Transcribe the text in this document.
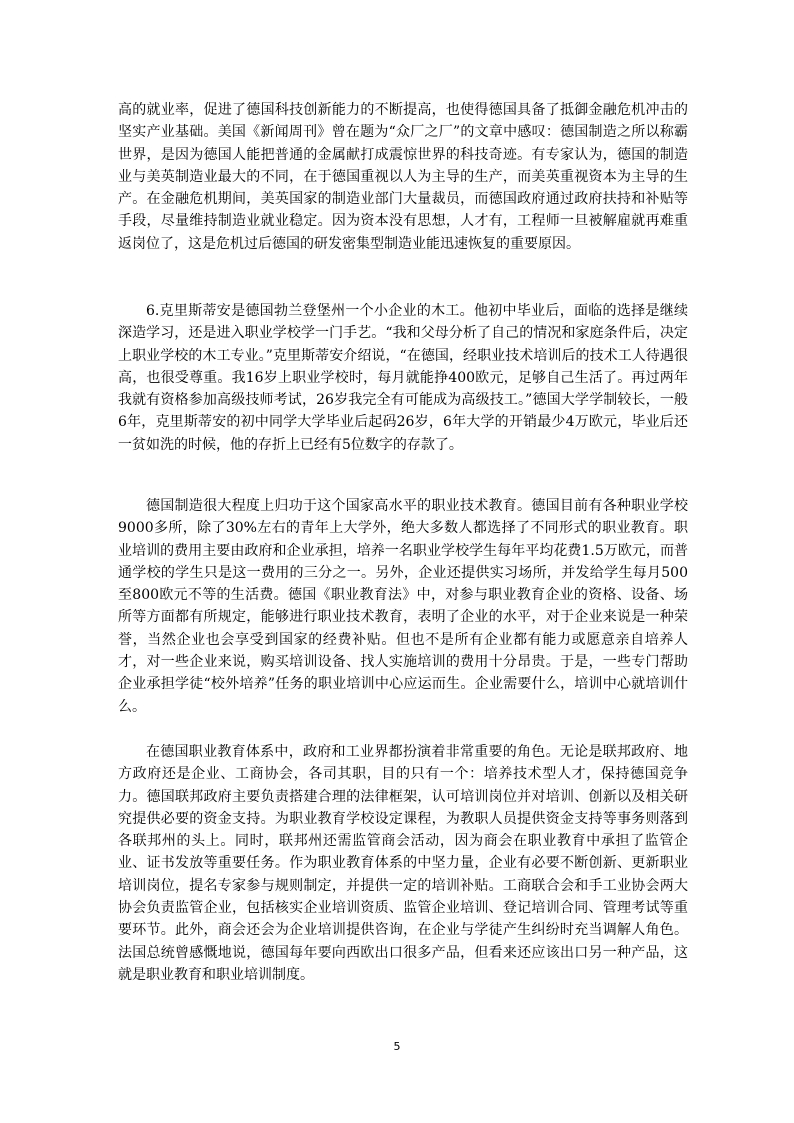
高的就业率，促进了德国科技创新能力的不断提高，也使得德国具备了抵御金融危机冲击的坚实产业基础。美国《新闻周刊》曾在题为“众厂之厂”的文章中感叹：德国制造之所以称霸世界，是因为德国人能把普通的金属献打成震惊世界的科技奇迹。有专家认为，德国的制造业与美英制造业最大的不同，在于德国重视以人为主导的生产，而美英重视资本为主导的生产。在金融危机期间，美英国家的制造业部门大量裁员，而德国政府通过政府扶持和补贴等手段，尽量维持制造业就业稳定。因为资本没有思想，人才有，工程师一旦被解雇就再难重返岗位了，这是危机过后德国的研发密集型制造业能迅速恢复的重要原因。

6.克里斯蒂安是德国勃兰登堡州一个小企业的木工。他初中毕业后，面临的选择是继续深造学习，还是进入职业学校学一门手艺。“我和父母分析了自己的情况和家庭条件后，决定上职业学校的木工专业。”克里斯蒂安介绍说，“在德国，经职业技术培训后的技术工人待遇很高，也很受尊重。我16岁上职业学校时，每月就能挣400欧元，足够自己生活了。再过两年我就有资格参加高级技师考试，26岁我完全有可能成为高级技工。”德国大学学制较长，一般6年，克里斯蒂安的初中同学大学毕业后起码26岁，6年大学的开销最少4万欧元，毕业后还一贫如洗的时候，他的存折上已经有5位数字的存款了。

德国制造很大程度上归功于这个国家高水平的职业技术教育。德国目前有各种职业学校9000多所，除了30%左右的青年上大学外，绝大多数人都选择了不同形式的职业教育。职业培训的费用主要由政府和企业承担，培养一名职业学校学生每年平均花费1.5万欧元，而普通学校的学生只是这一费用的三分之一。另外，企业还提供实习场所，并发给学生每月500至800欧元不等的生活费。德国《职业教育法》中，对参与职业教育企业的资格、设备、场所等方面都有所规定，能够进行职业技术教育，表明了企业的水平，对于企业来说是一种荣誉，当然企业也会享受到国家的经费补贴。但也不是所有企业都有能力或愿意亲自培养人才，对一些企业来说，购买培训设备、找人实施培训的费用十分昂贵。于是，一些专门帮助企业承担学徒“校外培养”任务的职业培训中心应运而生。企业需要什么，培训中心就培训什么。

在德国职业教育体系中，政府和工业界都扮演着非常重要的角色。无论是联邦政府、地方政府还是企业、工商协会，各司其职，目的只有一个：培养技术型人才，保持德国竞争力。德国联邦政府主要负责搭建合理的法律框架，认可培训岗位并对培训、创新以及相关研究提供必要的资金支持。为职业教育学校设定课程，为教职人员提供资金支持等事务则落到各联邦州的头上。同时，联邦州还需监管商会活动，因为商会在职业教育中承担了监管企业、证书发放等重要任务。作为职业教育体系的中坚力量，企业有必要不断创新、更新职业培训岗位，提名专家参与规则制定，并提供一定的培训补贴。工商联合会和手工业协会两大协会负责监管企业，包括核实企业培训资质、监管企业培训、登记培训合同、管理考试等重要环节。此外，商会还会为企业培训提供咨询，在企业与学徒产生纠纷时充当调解人角色。法国总统曾感慨地说，德国每年要向西欧出口很多产品，但看来还应该出口另一种产品，这就是职业教育和职业培训制度。

5
